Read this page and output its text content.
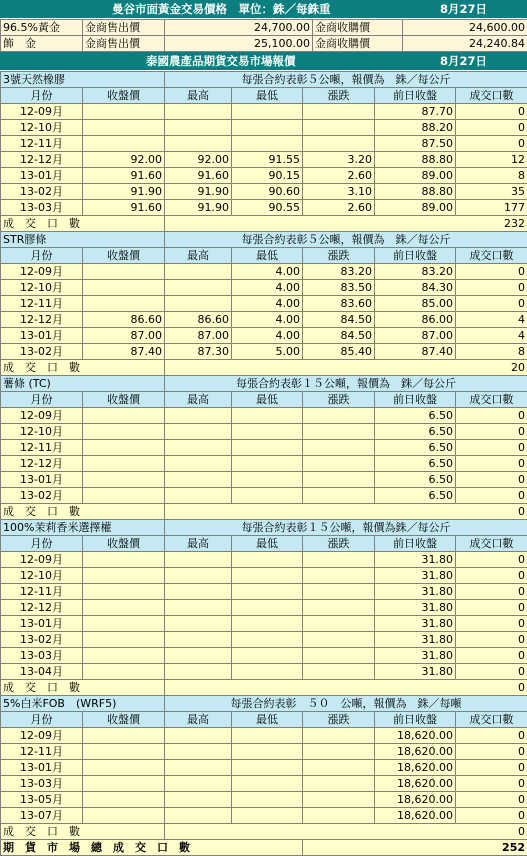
曼谷市面黃金交易價格　 單位：銖／每銖重	8月27日
96.5%黃金	金商售出價	24,700.00	金商收購價	24,600.00
飾　金	金商售出價	25,100.00	金商收購價	24,240.84
泰國農產品期貨交易市場報價	8月27日
3號天然橡膠		每張合約表彰５公噸，報價為　銖／每公斤				
月份	收盤價	最高	最低	漲跌	前日收盤	成交口數
12-09月					87.70	0
12-10月					88.20	0
12-11月					87.50	0
12-12月	92.00	92.00	91.55	3.20	88.80	12
13-01月	91.60	91.60	90.15	2.60	89.00	8
13-02月	91.90	91.90	90.60	3.10	88.80	35
13-03月	91.60	91.90	90.55	2.60	89.00	177
成　交　口　數		232				
STR膠條		每張合約表彰５公噸，報價為　銖／每公斤				
月份	收盤價	最高	最低	漲跌	前日收盤	成交口數
12-09月			4.00	83.20	83.20	0
12-10月			4.00	83.50	84.30	0
12-11月			4.00	83.60	85.00	0
12-12月	86.60	86.60	4.00	84.50	86.00	4
13-01月	87.00	87.00	4.00	84.50	87.00	4
13-02月	87.40	87.30	5.00	85.40	87.40	8
成　交　口　數		20				
薯條 (TC)		每張合約表彰１５公噸，報價為　銖／每公斤				
月份	收盤價	最高	最低	漲跌	前日收盤	成交口數
12-09月					6.50	0
12-10月					6.50	0
12-11月					6.50	0
12-12月					6.50	0
13-01月					6.50	0
13-02月					6.50	0
成　交　口　數		0				
100%茉莉香米選擇權		每張合約表彰１５公噸，報價為銖／每公斤				
月份	收盤價	最高	最低	漲跌	前日收盤	成交口數
12-09月					31.80	0
12-10月					31.80	0
12-11月					31.80	0
12-12月					31.80	0
13-01月					31.80	0
13-02月					31.80	0
13-03月					31.80	0
13-04月					31.80	0
成　交　口　數		0				
5%白米FOB　(WRF5)		每張合約表彰　５０　公噸，報價為　銖／每噸				
月份	收盤價	最高	最低	漲跌	前日收盤	成交口數
12-09月					18,620.00	0
12-11月					18,620.00	0
13-01月					18,620.00	0
13-03月					18,620.00	0
13-05月					18,620.00	0
13-07月					18,620.00	0
成　交　口　數		0				
期　貨　市　場　總　成　交　口　數				252		
